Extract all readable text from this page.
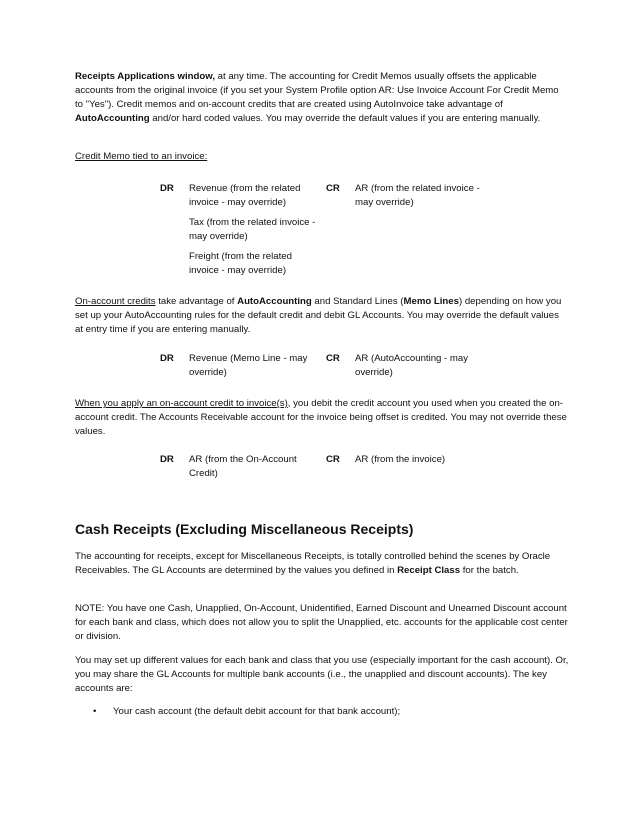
Receipts Applications window, at any time. The accounting for Credit Memos usually offsets the applicable accounts from the original invoice (if you set your System Profile option AR: Use Invoice Account For Credit Memo to "Yes"). Credit memos and on-account credits that are created using AutoInvoice take advantage of AutoAccounting and/or hard coded values. You may override the default values if you are entering manually.

Credit Memo tied to an invoice:

DR Revenue (from the related invoice - may override)
Tax (from the related invoice - may override)
Freight (from the related invoice - may override)
CR AR (from the related invoice - may override)

On-account credits take advantage of AutoAccounting and Standard Lines (Memo Lines) depending on how you set up your AutoAccounting rules for the default credit and debit GL Accounts. You may override the default values at entry time if you are entering manually.

DR Revenue (Memo Line - may override)
CR AR (AutoAccounting - may override)

When you apply an on-account credit to invoice(s), you debit the credit account you used when you created the on-account credit. The Accounts Receivable account for the invoice being offset is credited. You may not override these values.

DR AR (from the On-Account Credit)
CR AR (from the invoice)
Cash Receipts (Excluding Miscellaneous Receipts)

The accounting for receipts, except for Miscellaneous Receipts, is totally controlled behind the scenes by Oracle Receivables. The GL Accounts are determined by the values you defined in Receipt Class for the batch.

NOTE: You have one Cash, Unapplied, On-Account, Unidentified, Earned Discount and Unearned Discount account for each bank and class, which does not allow you to split the Unapplied, etc. accounts for the applicable cost center or division.

You may set up different values for each bank and class that you use (especially important for the cash account). Or, you may share the GL Accounts for multiple bank accounts (i.e., the unapplied and discount accounts). The key accounts are:

• Your cash account (the default debit account for that bank account);
